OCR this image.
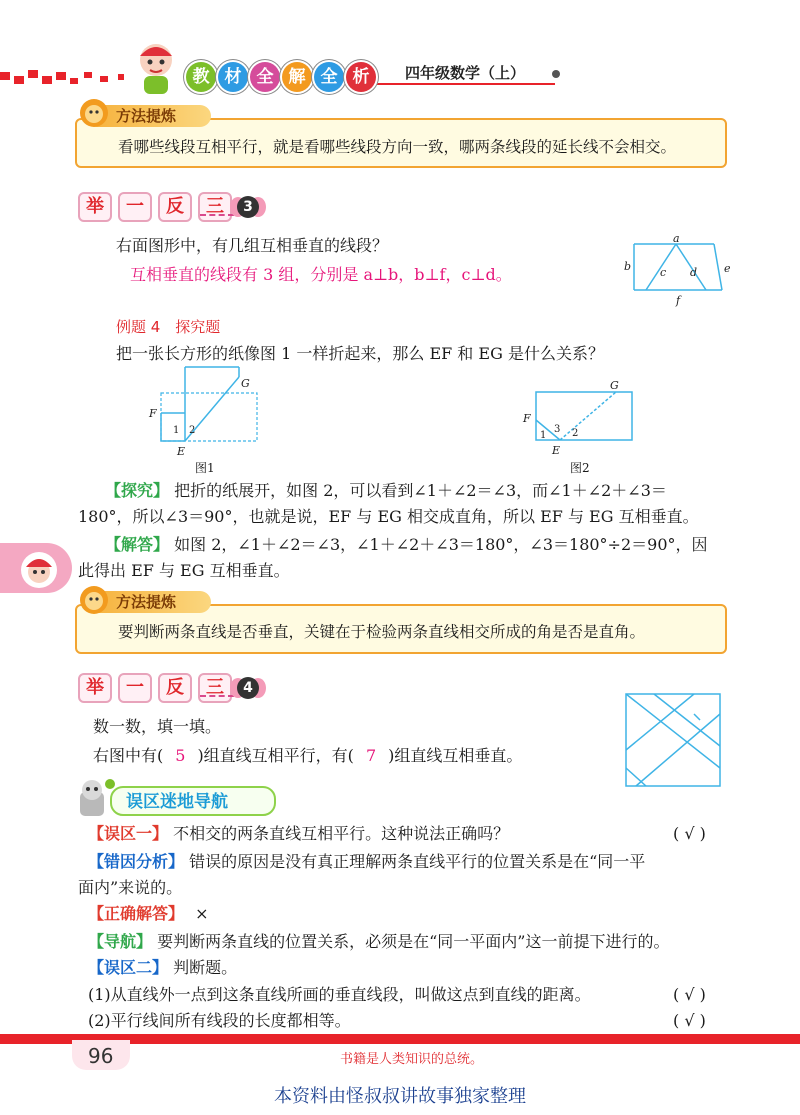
教 材 全 解 全 析	四年级数学（上）
方法提炼
看哪些线段互相平行，就是看哪些线段方向一致，哪两条线段的延长线不会相交。
举 一 反 三	3
右面图形中，有几组互相垂直的线段？
互相垂直的线段有 3 组，分别是 a⊥b，b⊥f，c⊥d。
a
b	c d e
f
例题 4　探究题
把一张长方形的纸像图 1 一样折起来，那么 EF 和 EG 是什么关系？
F
G
E
1 2
图1
F
G
E
1
3 2
图2
【探究】 把折的纸展开，如图 2，可以看到∠1＋∠2＝∠3，而∠1＋∠2＋∠3＝
180°，所以∠3＝90°，也就是说，EF 与 EG 相交成直角，所以 EF 与 EG 互相垂直。
【解答】 如图 2，∠1＋∠2＝∠3，∠1＋∠2＋∠3＝180°，∠3＝180°÷2＝90°，因
此得出 EF 与 EG 互相垂直。
方法提炼
要判断两条直线是否垂直，关键在于检验两条直线相交所成的角是否是直角。
举 一 反 三	4
数一数，填一填。
右图中有( 5 )组直线互相平行，有( 7 )组直线互相垂直。
误区迷地导航
【误区一】 不相交的两条直线互相平行。这种说法正确吗？	( √ )
【错因分析】 错误的原因是没有真正理解两条直线平行的位置关系是在“同一平
面内”来说的。
【正确解答】 ×
【导航】 要判断两条直线的位置关系，必须是在“同一平面内”这一前提下进行的。
【误区二】 判断题。
(1)从直线外一点到这条直线所画的垂直线段，叫做这点到直线的距离。	( √ )
(2)平行线间所有线段的长度都相等。	( √ )
96	书籍是人类知识的总统。
本资料由怪叔叔讲故事独家整理
